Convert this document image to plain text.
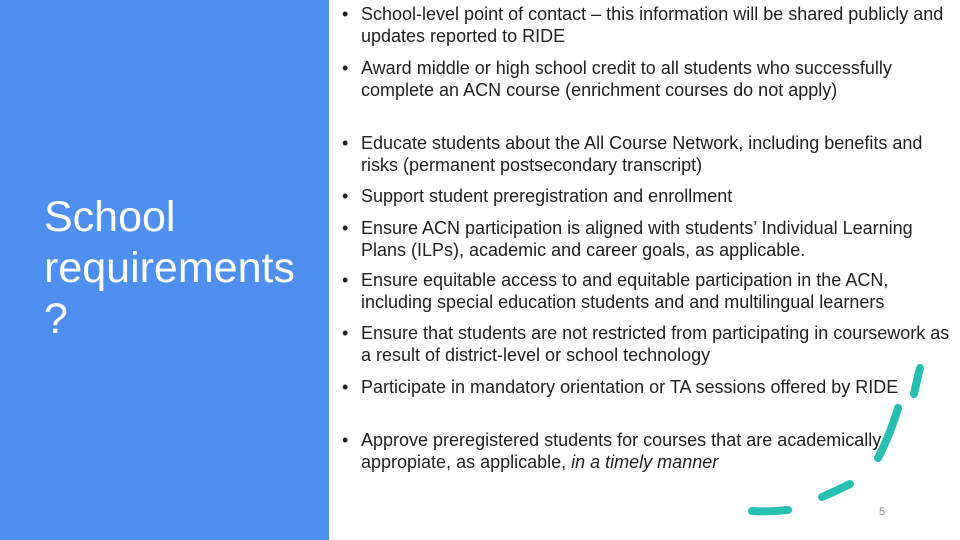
School requirements ?
• School-level point of contact – this information will be shared publicly and updates reported to RIDE
• Award middle or high school credit to all students who successfully complete an ACN course (enrichment courses do not apply)
• Educate students about the All Course Network, including benefits and risks (permanent postsecondary transcript)
• Support student preregistration and enrollment
• Ensure ACN participation is aligned with students’ Individual Learning Plans (ILPs), academic and career goals, as applicable.
• Ensure equitable access to and equitable participation in the ACN, including special education students and and multilingual learners
• Ensure that students are not restricted from participating in coursework as a result of district-level or school technology
• Participate in mandatory orientation or TA sessions offered by RIDE
• Approve preregistered students for courses that are academically appropiate, as applicable, in a timely manner
5
